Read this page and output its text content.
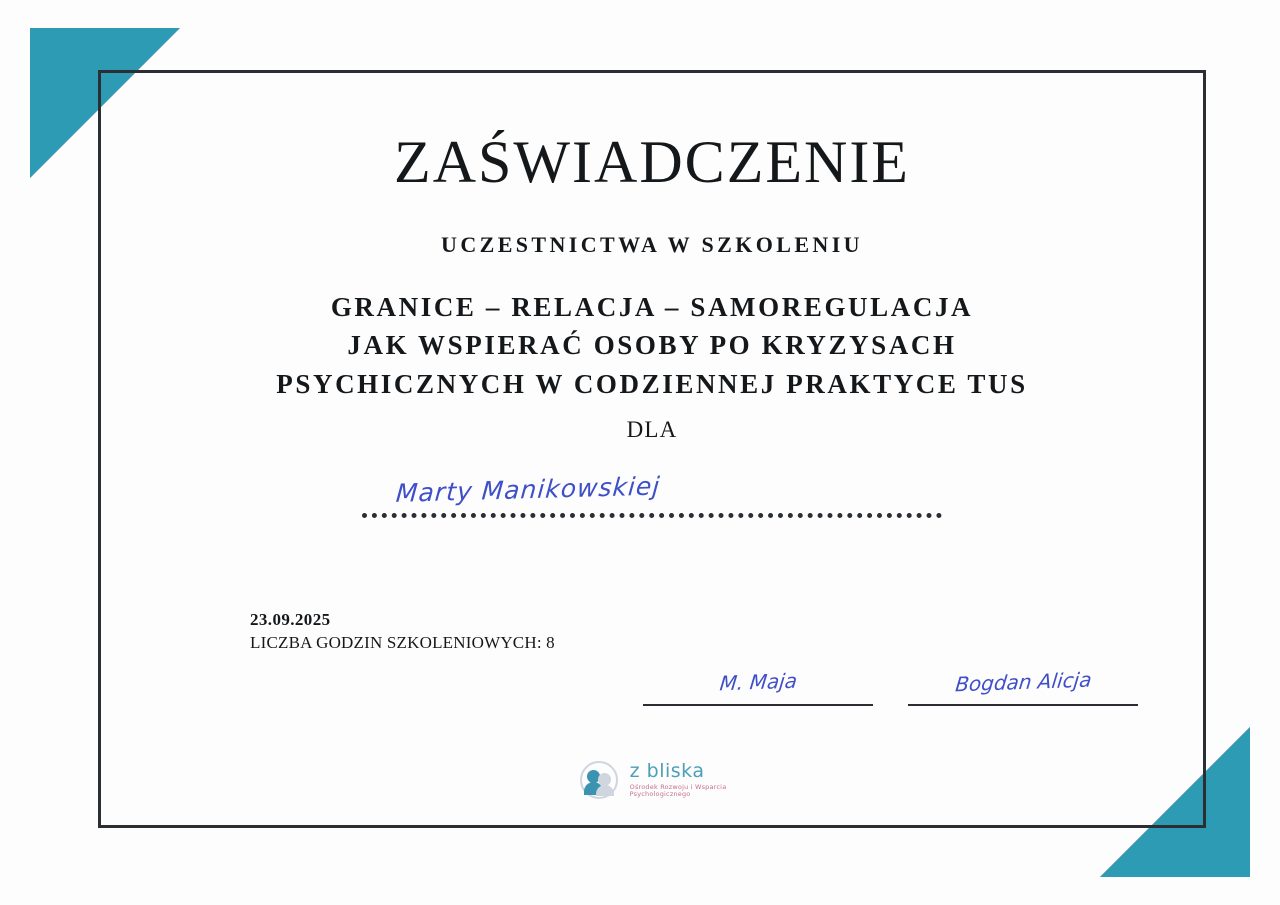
ZAŚWIADCZENIE
UCZESTNICTWA W SZKOLENIU
GRANICE – RELACJA – SAMOREGULACJA
JAK WSPIERAĆ OSOBY PO KRYZYSACH
PSYCHICZNYCH W CODZIENNEJ PRAKTYCE TUS
DLA
Marty Manikowskiej
23.09.2025
LICZBA GODZIN SZKOLENIOWYCH: 8
M. Maja	Bogdan Alicja
z bliska
Ośrodek Rozwoju i Wsparcia
Psychologicznego
